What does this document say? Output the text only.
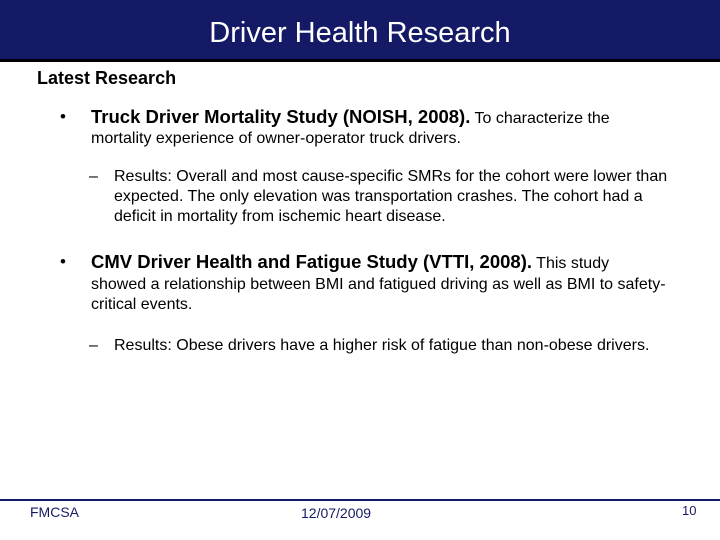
Driver Health Research
Latest Research
• Truck Driver Mortality Study (NOISH, 2008). To characterize the
mortality experience of owner-operator truck drivers.
– Results: Overall and most cause-specific SMRs for the cohort were lower than expected. The only elevation was transportation crashes. The cohort had a deficit in mortality from ischemic heart disease.
• CMV Driver Health and Fatigue Study (VTTI, 2008). This study
showed a relationship between BMI and fatigued driving as well as BMI to safety-critical events.
– Results: Obese drivers have a higher risk of fatigue than non-obese drivers.
FMCSA	12/07/2009	10
